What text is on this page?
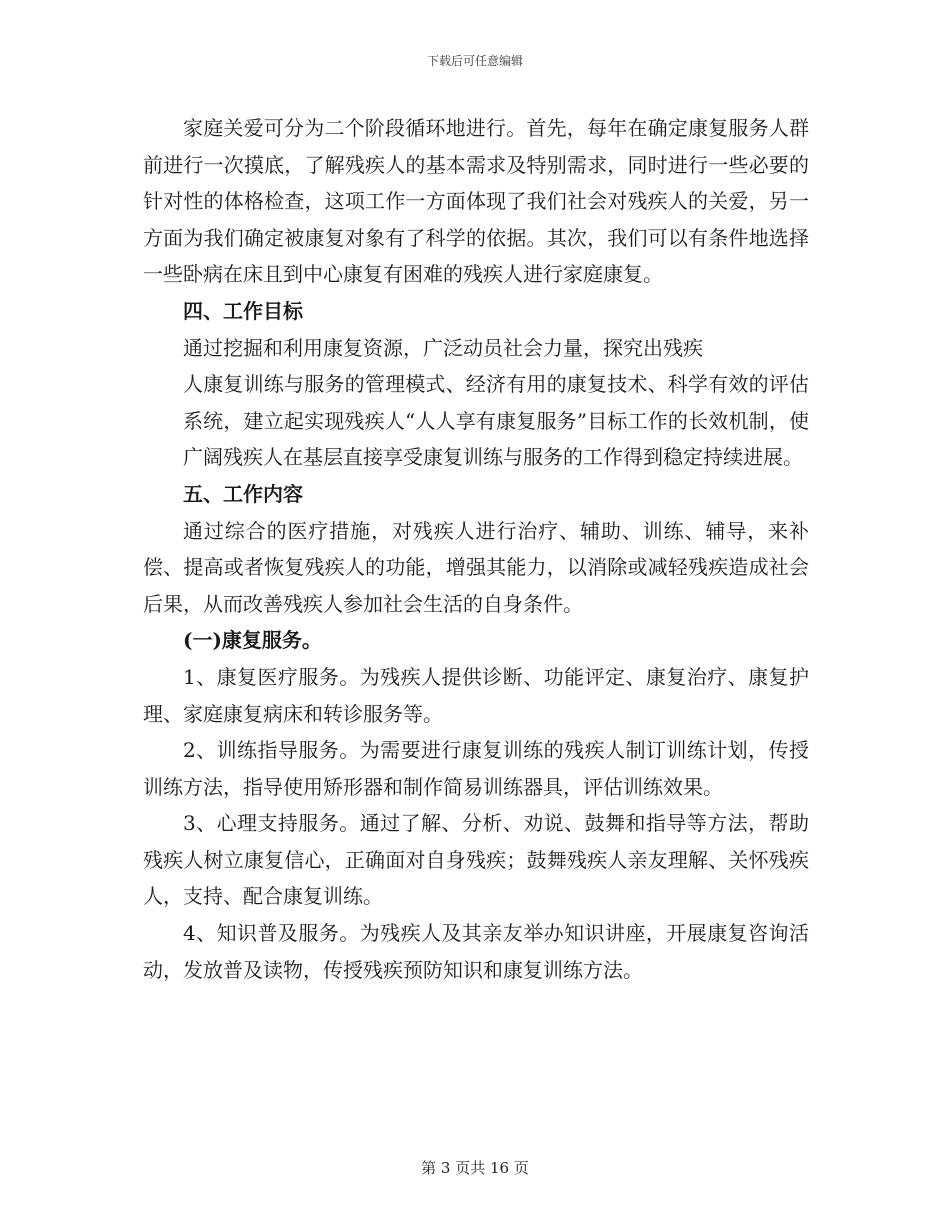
下载后可任意编辑

家庭关爱可分为二个阶段循环地进行。首先，每年在确定康复服务人群前进行一次摸底，了解残疾人的基本需求及特别需求，同时进行一些必要的针对性的体格检查，这项工作一方面体现了我们社会对残疾人的关爱，另一方面为我们确定被康复对象有了科学的依据。其次，我们可以有条件地选择一些卧病在床且到中心康复有困难的残疾人进行家庭康复。

四、工作目标

通过挖掘和利用康复资源，广泛动员社会力量，探究出残疾

人康复训练与服务的管理模式、经济有用的康复技术、科学有效的评估系统，建立起实现残疾人“人人享有康复服务”目标工作的长效机制，使广阔残疾人在基层直接享受康复训练与服务的工作得到稳定持续进展。

五、工作内容

通过综合的医疗措施，对残疾人进行治疗、辅助、训练、辅导，来补偿、提高或者恢复残疾人的功能，增强其能力，以消除或减轻残疾造成社会后果，从而改善残疾人参加社会生活的自身条件。

(一)康复服务。

1、康复医疗服务。为残疾人提供诊断、功能评定、康复治疗、康复护理、家庭康复病床和转诊服务等。

2、训练指导服务。为需要进行康复训练的残疾人制订训练计划，传授训练方法，指导使用矫形器和制作简易训练器具，评估训练效果。

3、心理支持服务。通过了解、分析、劝说、鼓舞和指导等方法，帮助残疾人树立康复信心，正确面对自身残疾；鼓舞残疾人亲友理解、关怀残疾人，支持、配合康复训练。

4、知识普及服务。为残疾人及其亲友举办知识讲座，开展康复咨询活动，发放普及读物，传授残疾预防知识和康复训练方法。

第 3 页共 16 页
